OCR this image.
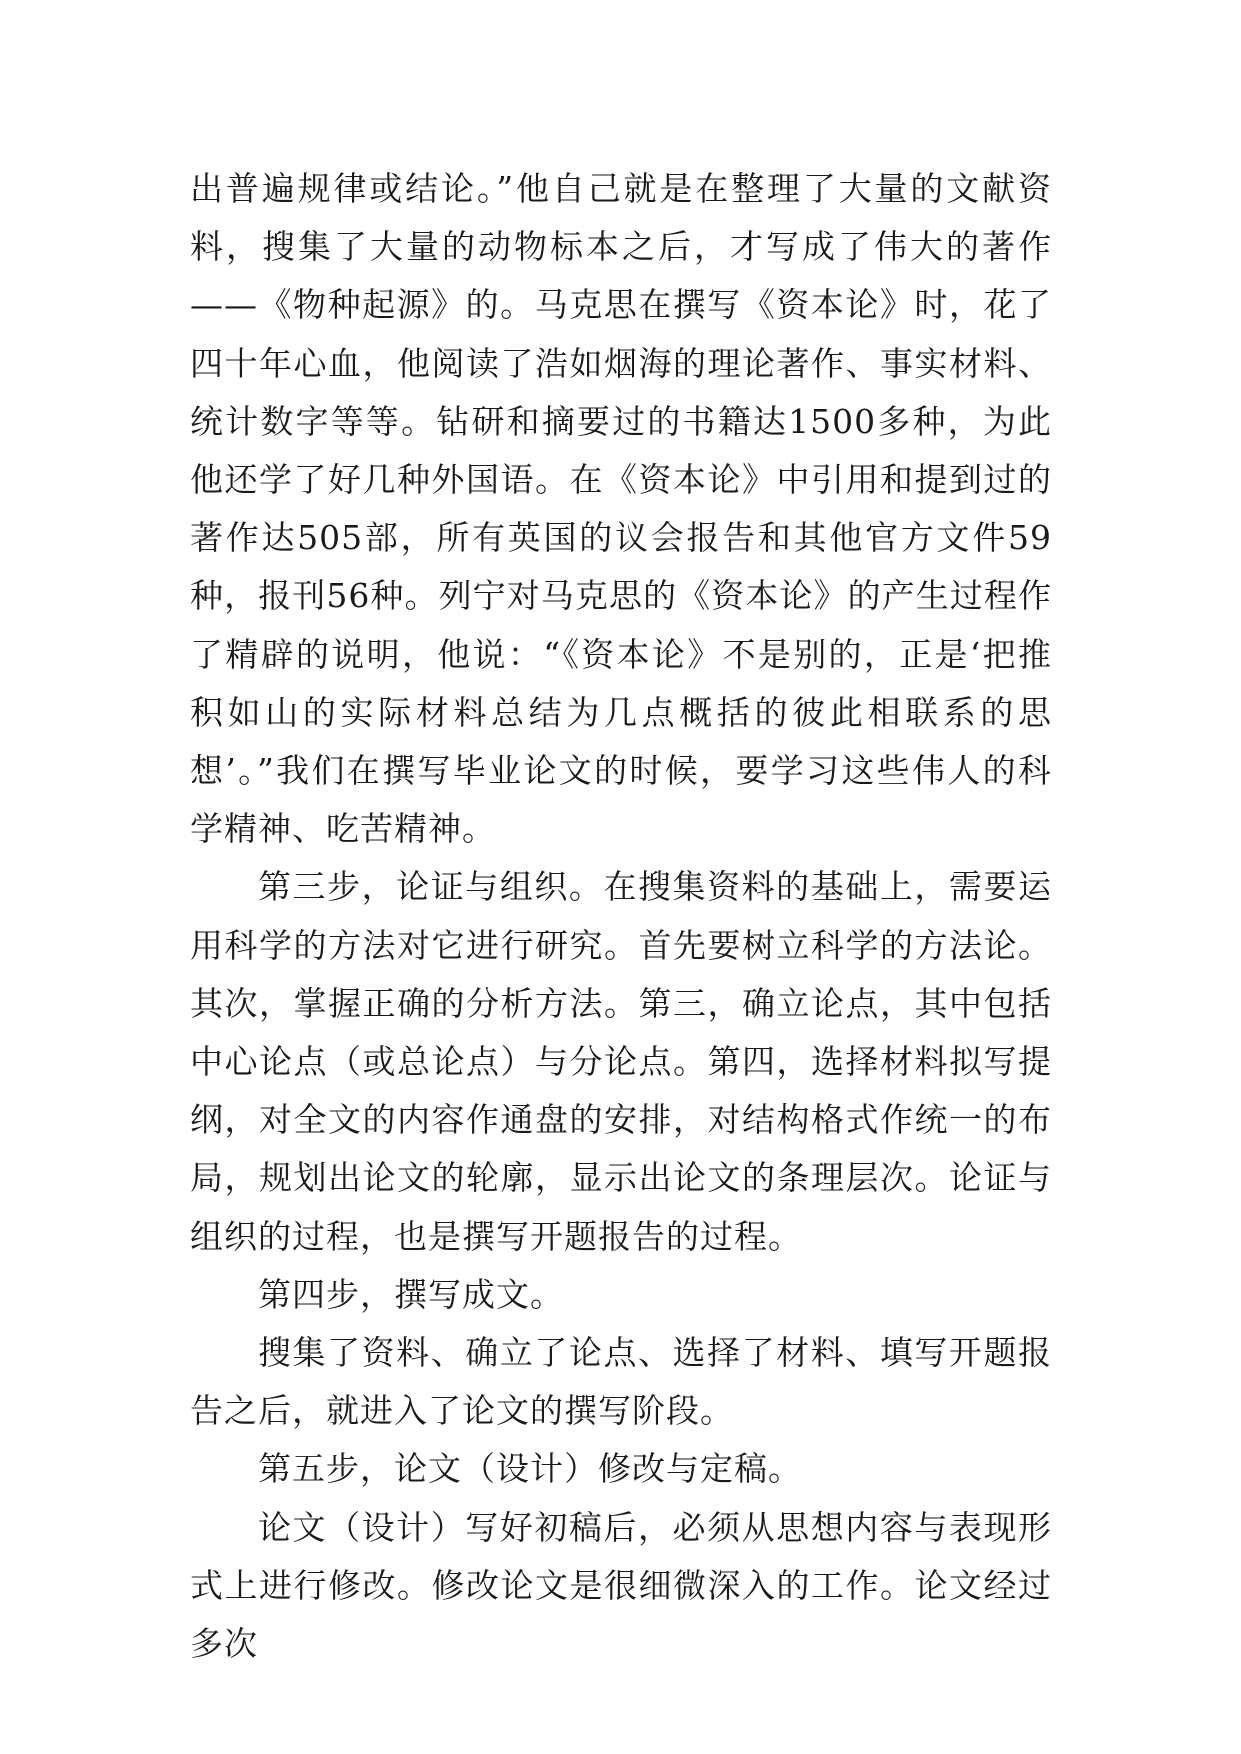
出普遍规律或结论。”他自己就是在整理了大量的文献资料，搜集了大量的动物标本之后，才写成了伟大的著作——《物种起源》的。马克思在撰写《资本论》时，花了四十年心血，他阅读了浩如烟海的理论著作、事实材料、统计数字等等。钻研和摘要过的书籍达1500多种，为此他还学了好几种外国语。在《资本论》中引用和提到过的著作达505部，所有英国的议会报告和其他官方文件59种，报刊56种。列宁对马克思的《资本论》的产生过程作了精辟的说明，他说：“《资本论》不是别的，正是‘把推积如山的实际材料总结为几点概括的彼此相联系的思想’。”我们在撰写毕业论文的时候，要学习这些伟人的科学精神、吃苦精神。

第三步，论证与组织。在搜集资料的基础上，需要运用科学的方法对它进行研究。首先要树立科学的方法论。其次，掌握正确的分析方法。第三，确立论点，其中包括中心论点（或总论点）与分论点。第四，选择材料拟写提纲，对全文的内容作通盘的安排，对结构格式作统一的布局，规划出论文的轮廓，显示出论文的条理层次。论证与组织的过程，也是撰写开题报告的过程。

第四步，撰写成文。

搜集了资料、确立了论点、选择了材料、填写开题报告之后，就进入了论文的撰写阶段。

第五步，论文（设计）修改与定稿。

论文（设计）写好初稿后，必须从思想内容与表现形式上进行修改。修改论文是很细微深入的工作。论文经过多次
